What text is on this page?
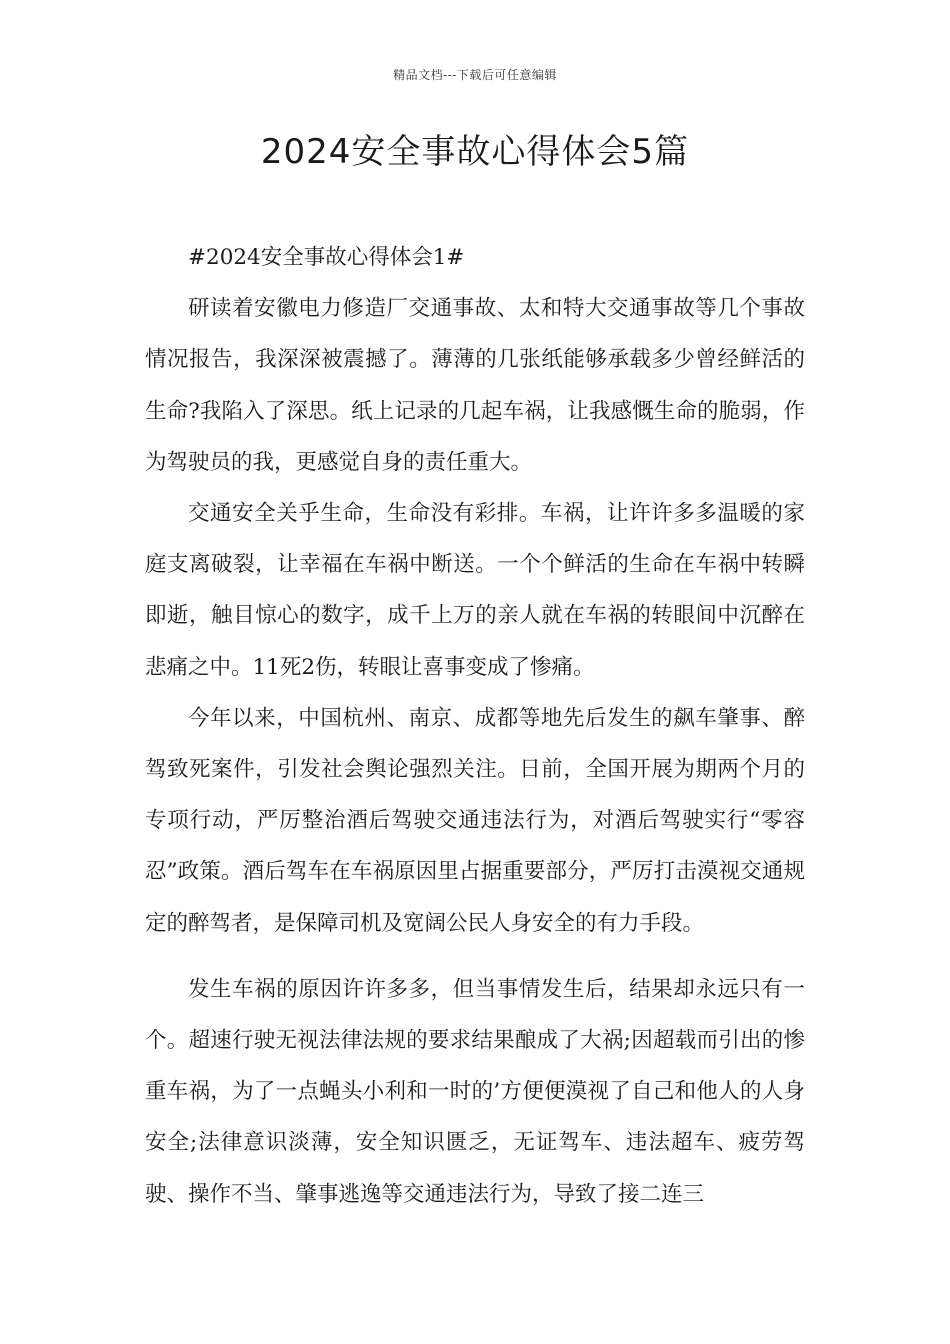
精品文档---下载后可任意编辑
2024安全事故心得体会5篇

#2024安全事故心得体会1#

研读着安徽电力修造厂交通事故、太和特大交通事故等几个事故情况报告，我深深被震撼了。薄薄的几张纸能够承载多少曾经鲜活的生命?我陷入了深思。纸上记录的几起车祸，让我感慨生命的脆弱，作为驾驶员的我，更感觉自身的责任重大。

交通安全关乎生命，生命没有彩排。车祸，让许许多多温暖的家庭支离破裂，让幸福在车祸中断送。一个个鲜活的生命在车祸中转瞬即逝，触目惊心的数字，成千上万的亲人就在车祸的转眼间中沉醉在悲痛之中。11死2伤，转眼让喜事变成了惨痛。

今年以来，中国杭州、南京、成都等地先后发生的飙车肇事、醉驾致死案件，引发社会舆论强烈关注。日前，全国开展为期两个月的专项行动，严厉整治酒后驾驶交通违法行为，对酒后驾驶实行“零容忍”政策。酒后驾车在车祸原因里占据重要部分，严厉打击漠视交通规定的醉驾者，是保障司机及宽阔公民人身安全的有力手段。

发生车祸的原因许许多多，但当事情发生后，结果却永远只有一个。超速行驶无视法律法规的要求结果酿成了大祸;因超载而引出的惨重车祸，为了一点蝇头小利和一时的’方便便漠视了自己和他人的人身安全;法律意识淡薄，安全知识匮乏，无证驾车、违法超车、疲劳驾驶、操作不当、肇事逃逸等交通违法行为，导致了接二连三
